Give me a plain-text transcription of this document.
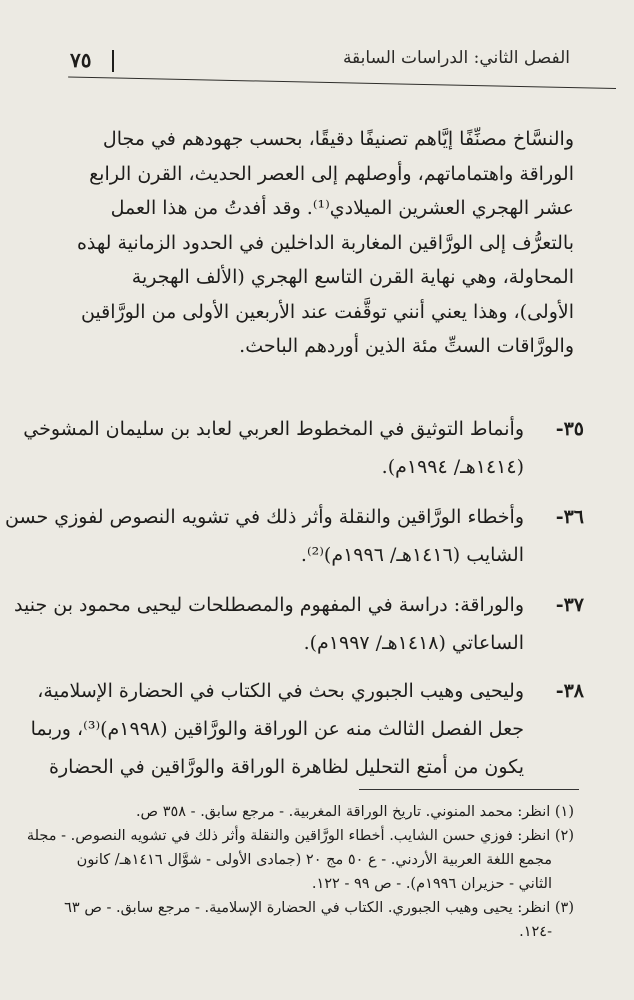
٧٥	الفصل الثاني: الدراسات السابقة
والنسَّاخ مصنِّفًا إيَّاهم تصنيفًا دقيقًا، بحسب جهودهم في مجال
الوراقة واهتماماتهم، وأوصلهم إلى العصر الحديث، القرن الرابع
عشر الهجري العشرين الميلادي⁽¹⁾. وقد أفدتُ من هذا العمل
بالتعرُّف إلى الورَّاقين المغاربة الداخلين في الحدود الزمانية لهذه
المحاولة، وهي نهاية القرن التاسع الهجري (الألف الهجرية
الأولى)، وهذا يعني أنني توقَّفت عند الأربعين الأولى من الورَّاقين
والورَّاقات الستِّ مئة الذين أوردهم الباحث.
-٣٥
وأنماط التوثيق في المخطوط العربي لعابد بن سليمان المشوخي
(١٤١٤هـ/ ١٩٩٤م).
-٣٦
وأخطاء الورَّاقين والنقلة وأثر ذلك في تشويه النصوص لفوزي حسن
الشايب (١٤١٦هـ/ ١٩٩٦م)⁽²⁾.
-٣٧
والوراقة: دراسة في المفهوم والمصطلحات ليحيى محمود بن جنيد
الساعاتي (١٤١٨هـ/ ١٩٩٧م).
-٣٨
وليحيى وهيب الجبوري بحث في الكتاب في الحضارة الإسلامية،
جعل الفصل الثالث منه عن الوراقة والورَّاقين (١٩٩٨م)⁽³⁾، وربما
يكون من أمتع التحليل لظاهرة الوراقة والورَّاقين في الحضارة
(١) انظر: محمد المنوني. تاريخ الوراقة المغربية. - مرجع سابق. - ٣٥٨ ص.
(٢) انظر: فوزي حسن الشايب. أخطاء الورَّاقين والنقلة وأثر ذلك في تشويه النصوص. - مجلة
مجمع اللغة العربية الأردني. - ع ٥٠ مج ٢٠ (جمادى الأولى - شوَّال ١٤١٦هـ/ كانون
الثاني - حزيران ١٩٩٦م). - ص ٩٩ - ١٢٢.
(٣) انظر: يحيى وهيب الجبوري. الكتاب في الحضارة الإسلامية. - مرجع سابق. - ص ٦٣
-١٢٤.
